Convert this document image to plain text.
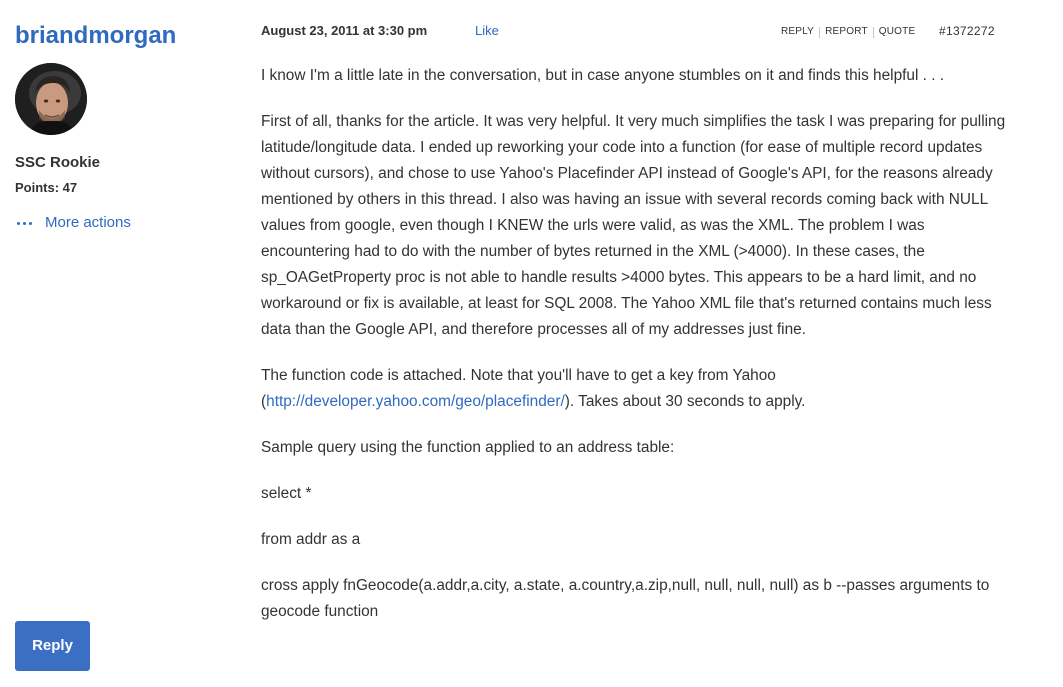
briandmorgan
SSC Rookie
Points: 47
More actions
Reply
August 23, 2011 at 3:30 pm	Like	REPLY REPORT QUOTE #1372272

I know I'm a little late in the conversation, but in case anyone stumbles on it and finds this helpful . . .

First of all, thanks for the article. It was very helpful. It very much simplifies the task I was preparing for pulling latitude/longitude data. I ended up reworking your code into a function (for ease of multiple record updates without cursors), and chose to use Yahoo's Placefinder API instead of Google's API, for the reasons already mentioned by others in this thread. I also was having an issue with several records coming back with NULL values from google, even though I KNEW the urls were valid, as was the XML. The problem I was encountering had to do with the number of bytes returned in the XML (>4000). In these cases, the sp_OAGetProperty proc is not able to handle results >4000 bytes. This appears to be a hard limit, and no workaround or fix is available, at least for SQL 2008. The Yahoo XML file that's returned contains much less data than the Google API, and therefore processes all of my addresses just fine.

The function code is attached. Note that you'll have to get a key from Yahoo (http://developer.yahoo.com/geo/placefinder/). Takes about 30 seconds to apply.

Sample query using the function applied to an address table:

select *

from addr as a

cross apply fnGeocode(a.addr,a.city, a.state, a.country,a.zip,null, null, null, null) as b --passes arguments to geocode function
